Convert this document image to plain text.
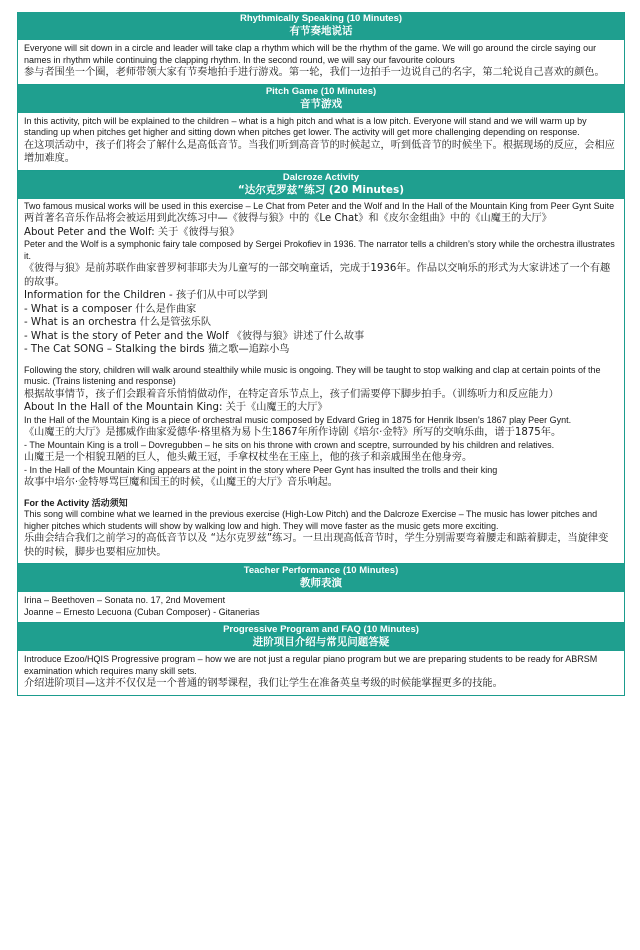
Rhythmically Speaking (10 Minutes)
有节奏地说话

Everyone will sit down in a circle and leader will take clap a rhythm which will be the rhythm of the game. We will go around the circle saying our names in rhythm while continuing the clapping rhythm. In the second round, we will say our favourite colours

参与者围坐一个圈，老师带领大家有节奏地拍手进行游戏。第一轮，我们一边拍手一边说自己的名字，第二轮说自己喜欢的颜色。

Pitch Game (10 Minutes)
音节游戏

In this activity, pitch will be explained to the children – what is a high pitch and what is a low pitch. Everyone will stand and we will warm up by standing up when pitches get higher and sitting down when pitches get lower. The activity will get more challenging depending on response.

在这项活动中，孩子们将会了解什么是高低音节。当我们听到高音节的时候起立，听到低音节的时候坐下。根据现场的反应，会相应增加难度。

Dalcroze Activity
“达尔克罗兹”练习 (20 Minutes)

Two famous musical works will be used in this exercise – Le Chat from Peter and the Wolf and In the Hall of the Mountain King from Peer Gynt Suite

两首著名音乐作品将会被运用到此次练习中—《彼得与狼》中的《Le Chat》和《皮尔金组曲》中的《山魔王的大厅》

About Peter and the Wolf: 关于《彼得与狼》

Peter and the Wolf is a symphonic fairy tale composed by Sergei Prokofiev in 1936. The narrator tells a children’s story while the orchestra illustrates it.

《彼得与狼》是前苏联作曲家普罗柯菲耶夫为儿童写的一部交响童话，完成于1936年。作品以交响乐的形式为大家讲述了一个有趣的故事。

Information for the Children - 孩子们从中可以学到

- What is a composer 什么是作曲家

- What is an orchestra 什么是管弦乐队

- What is the story of Peter and the Wolf 《彼得与狼》讲述了什么故事

- The Cat SONG – Stalking the birds 猫之歌—追踪小鸟

Following the story, children will walk around stealthily while music is ongoing. They will be taught to stop walking and clap at certain points of the music. (Trains listening and response)

根据故事情节，孩子们会跟着音乐悄悄做动作，在特定音乐节点上，孩子们需要停下脚步拍手。（训练听力和反应能力）

About In the Hall of the Mountain King: 关于《山魔王的大厅》

In the Hall of the Mountain King is a piece of orchestral music composed by Edvard Grieg in 1875 for Henrik Ibsen’s 1867 play Peer Gynt.

《山魔王的大厅》是挪威作曲家爱德华·格里格为易卜生1867年所作诗剧《培尔·金特》所写的交响乐曲，谱于1875年。

- The Mountain King is a troll – Dovregubben – he sits on his throne with crown and sceptre, surrounded by his children and relatives.

山魔王是一个相貌丑陋的巨人，他头戴王冠，手拿权杖坐在王座上，他的孩子和亲戚围坐在他身旁。

- In the Hall of the Mountain King appears at the point in the story where Peer Gynt has insulted the trolls and their king

故事中培尔·金特辱骂巨魔和国王的时候，《山魔王的大厅》音乐响起。

For the Activity 活动须知

This song will combine what we learned in the previous exercise (High-Low Pitch) and the Dalcroze Exercise – The music has lower pitches and higher pitches which students will show by walking low and high. They will move faster as the music gets more exciting.

乐曲会结合我们之前学习的高低音节以及 “达尔克罗兹”练习。一旦出现高低音节时，学生分别需要弯着腰走和踮着脚走，当旋律变快的时候，脚步也要相应加快。

Teacher Performance (10 Minutes)
教师表演

Irina – Beethoven – Sonata no. 17, 2nd Movement

Joanne – Ernesto Lecuona (Cuban Composer) - Gitanerias

Progressive Program and FAQ (10 Minutes)
进阶项目介绍与常见问题答疑

Introduce Ezoo/HQIS Progressive program – how we are not just a regular piano program but we are preparing students to be ready for ABRSM examination which requires many skill sets.

介绍进阶项目—这并不仅仅是一个普通的钢琴课程，我们让学生在准备英皇考级的时候能掌握更多的技能。
